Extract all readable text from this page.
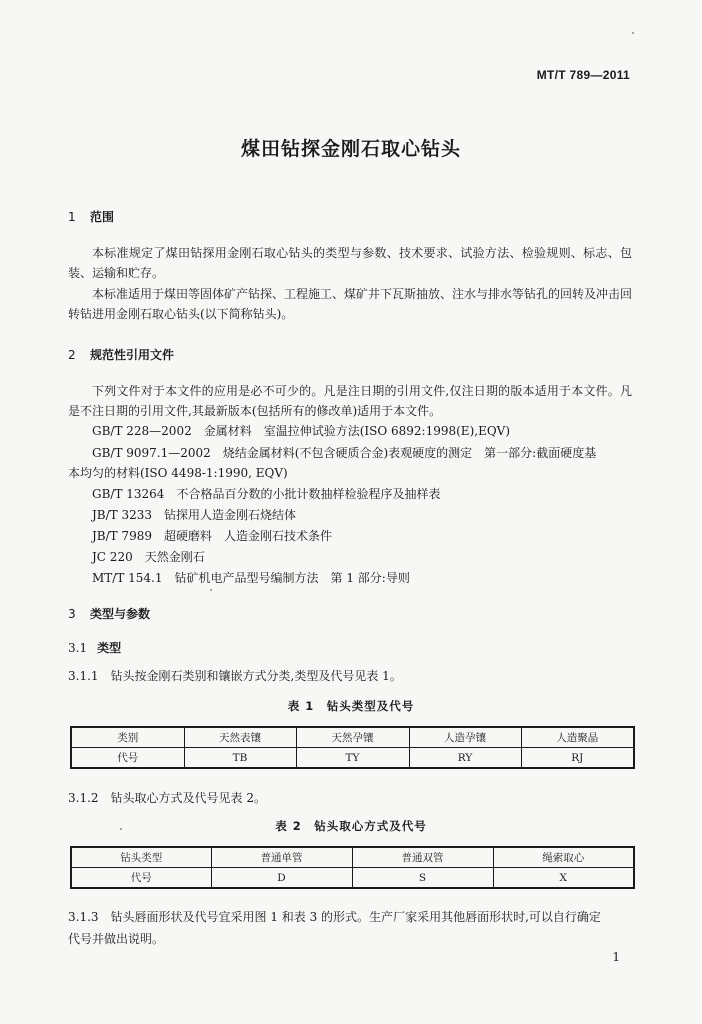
MT/T 789—2011
煤田钻探金刚石取心钻头
1 范围
本标准规定了煤田钻探用金刚石取心钻头的类型与参数、技术要求、试验方法、检验规则、标志、包装、运输和贮存。
本标准适用于煤田等固体矿产钻探、工程施工、煤矿井下瓦斯抽放、注水与排水等钻孔的回转及冲击回转钻进用金刚石取心钻头(以下简称钻头)。
2 规范性引用文件
下列文件对于本文件的应用是必不可少的。凡是注日期的引用文件,仅注日期的版本适用于本文件。凡是不注日期的引用文件,其最新版本(包括所有的修改单)适用于本文件。
GB/T 228—2002　金属材料　室温拉伸试验方法(ISO 6892:1998(E),EQV)
GB/T 9097.1—2002　烧结金属材料(不包含硬质合金)表观硬度的测定　第一部分:截面硬度基
本均匀的材料(ISO 4498-1:1990, EQV)
GB/T 13264　不合格品百分数的小批计数抽样检验程序及抽样表
JB/T 3233　钻探用人造金刚石烧结体
JB/T 7989　超硬磨料　人造金刚石技术条件
JC 220　天然金刚石
MT/T 154.1　钻矿机电产品型号编制方法　第 1 部分:导则
3 类型与参数
3.1 类型
3.1.1　钻头按金刚石类别和镶嵌方式分类,类型及代号见表 1。
表 1　钻头类型及代号
类别	天然表镶	天然孕镶	人造孕镶	人造聚晶
代号	TB	TY	RY	RJ
3.1.2　钻头取心方式及代号见表 2。
表 2　钻头取心方式及代号
钻头类型	普通单管	普通双管	绳索取心
代号	D	S	X
3.1.3　钻头唇面形状及代号宜采用图 1 和表 3 的形式。生产厂家采用其他唇面形状时,可以自行确定
代号并做出说明。
1
